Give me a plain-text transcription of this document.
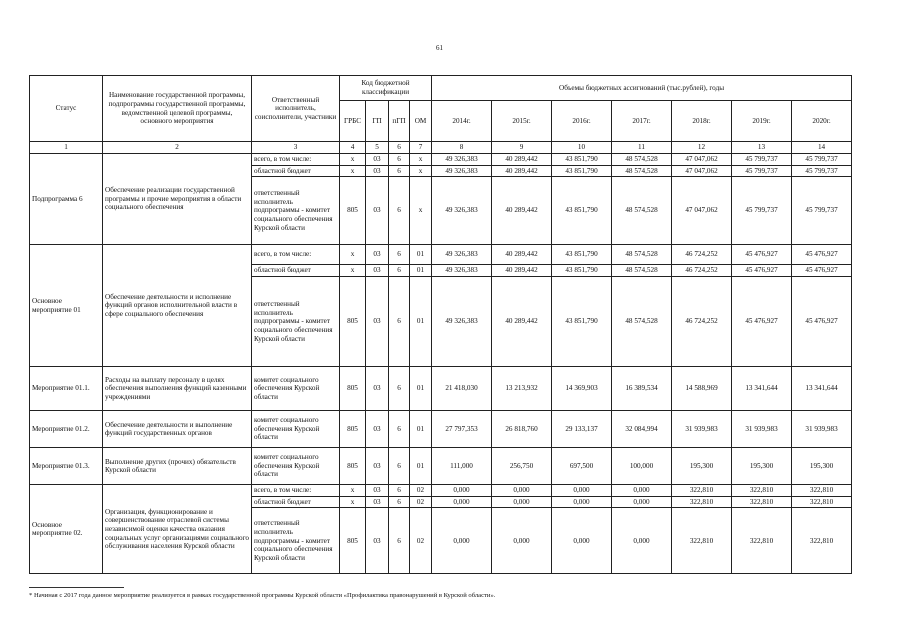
61
Статус	Наименование государственной программы, подпрограммы государственной программы, ведомственной целевой программы, основного мероприятия	Ответственный исполнитель, соисполнители, участники	Код бюджетной классификации				Объемы бюджетных ассигнований (тыс.рублей), годы						
			ГРБС	ГП	пГП	ОМ	2014г.	2015г.	2016г.	2017г.	2018г.	2019г.	2020г.
1	2	3	4	5	6	7	8	9	10	11	12	13	14
Подпрограмма 6	Обеспечение реализации государственной программы и прочие мероприятия в области социального обеспечения	всего, в том числе:	х	03	6	х	49 326,383	40 289,442	43 851,790	48 574,528	47 047,062	45 799,737	45 799,737
		областной бюджет	х	03	6	х	49 326,383	40 289,442	43 851,790	48 574,528	47 047,062	45 799,737	45 799,737
		ответственный исполнитель подпрограммы - комитет социального обеспечения Курской области	805	03	6	х	49 326,383	40 289,442	43 851,790	48 574,528	47 047,062	45 799,737	45 799,737
Основное мероприятие 01	Обеспечение деятельности и исполнение функций органов исполнительной власти в сфере социального обеспечения	всего, в том числе:	х	03	6	01	49 326,383	40 289,442	43 851,790	48 574,528	46 724,252	45 476,927	45 476,927
		областной бюджет	х	03	6	01	49 326,383	40 289,442	43 851,790	48 574,528	46 724,252	45 476,927	45 476,927
		ответственный исполнитель подпрограммы - комитет социального обеспечения Курской области	805	03	6	01	49 326,383	40 289,442	43 851,790	48 574,528	46 724,252	45 476,927	45 476,927
Мероприятие 01.1.	Расходы на выплату персоналу в целях обеспечения выполнения функций казенными учреждениями	комитет социального обеспечения Курской области	805	03	6	01	21 418,030	13 213,932	14 369,903	16 389,534	14 588,969	13 341,644	13 341,644
Мероприятие 01.2.	Обеспечение деятельности и выполнение функций государственных органов	комитет социального обеспечения Курской области	805	03	6	01	27 797,353	26 818,760	29 133,137	32 084,994	31 939,983	31 939,983	31 939,983
Мероприятие 01.3.	Выполнение других (прочих) обязательств Курской области	комитет социального обеспечения Курской области	805	03	6	01	111,000	256,750	697,500	100,000	195,300	195,300	195,300
Основное мероприятие 02.	Организация, функционирование и совершенствование отраслевой системы независимой оценки качества оказания социальных услуг организациями социального обслуживания населения Курской области	всего, в том числе:	х	03	6	02	0,000	0,000	0,000	0,000	322,810	322,810	322,810
		областной бюджет	х	03	6	02	0,000	0,000	0,000	0,000	322,810	322,810	322,810
		ответственный исполнитель подпрограммы - комитет социального обеспечения Курской области	805	03	6	02	0,000	0,000	0,000	0,000	322,810	322,810	322,810
* Начиная с 2017 года данное мероприятие реализуется в рамках государственной программы Курской области «Профилактика правонарушений в Курской области».
